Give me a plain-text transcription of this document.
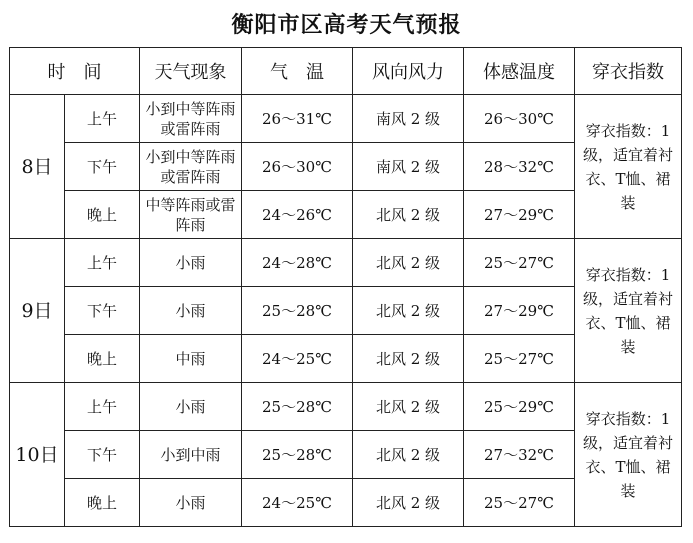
衡阳市区高考天气预报
时　间		天气现象	气　温	风向风力	体感温度	穿衣指数
8日	上午	小到中等阵雨或雷阵雨	26～31℃	南风 2 级	26～30℃	穿衣指数：1级，适宜着衬衣、T恤、裙装
	下午	小到中等阵雨或雷阵雨	26～30℃	南风 2 级	28～32℃	
	晚上	中等阵雨或雷阵雨	24～26℃	北风 2 级	27～29℃	
9日	上午	小雨	24～28℃	北风 2 级	25～27℃	穿衣指数：1级，适宜着衬衣、T恤、裙装
	下午	小雨	25～28℃	北风 2 级	27～29℃	
	晚上	中雨	24～25℃	北风 2 级	25～27℃	
10日	上午	小雨	25～28℃	北风 2 级	25～29℃	穿衣指数：1级，适宜着衬衣、T恤、裙装
	下午	小到中雨	25～28℃	北风 2 级	27～32℃	
	晚上	小雨	24～25℃	北风 2 级	25～27℃	
